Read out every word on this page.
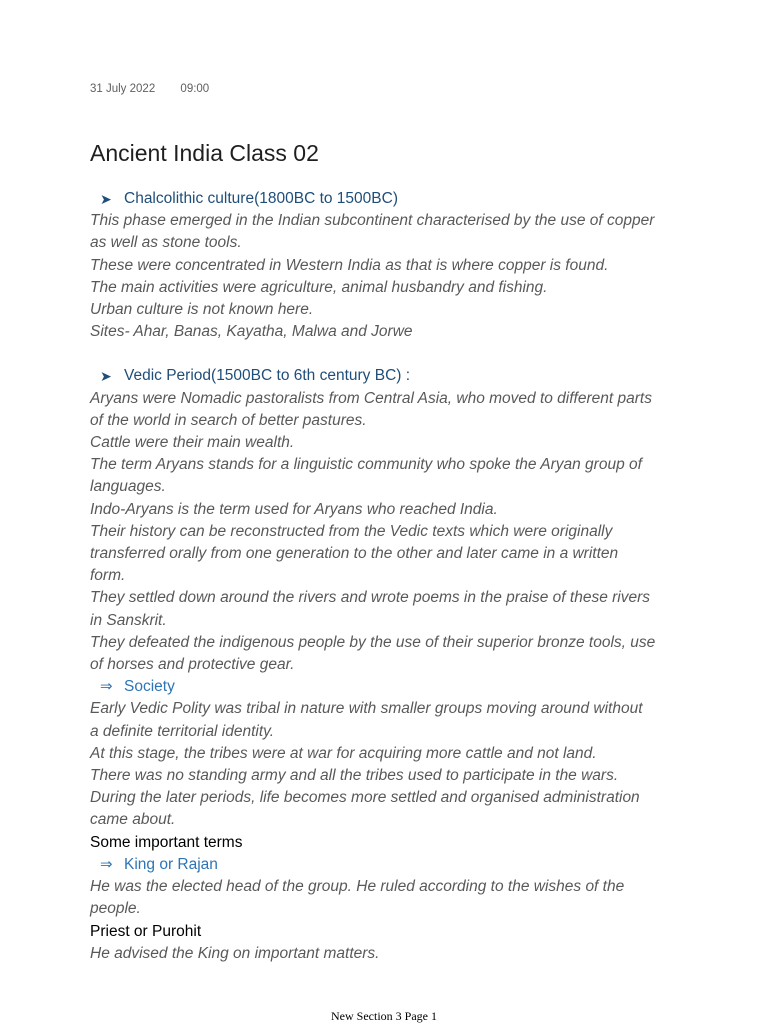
31 July 2022 09:00
Ancient India Class 02
➤ Chalcolithic culture(1800BC to 1500BC)
This phase emerged in the Indian subcontinent characterised by the use of copper
as well as stone tools.
These were concentrated in Western India as that is where copper is found.
The main activities were agriculture, animal husbandry and fishing.
Urban culture is not known here.
Sites- Ahar, Banas, Kayatha, Malwa and Jorwe
➤ Vedic Period(1500BC to 6th century BC) :
Aryans were Nomadic pastoralists from Central Asia, who moved to different parts
of the world in search of better pastures.
Cattle were their main wealth.
The term Aryans stands for a linguistic community who spoke the Aryan group of
languages.
Indo-Aryans is the term used for Aryans who reached India.
Their history can be reconstructed from the Vedic texts which were originally
transferred orally from one generation to the other and later came in a written
form.
They settled down around the rivers and wrote poems in the praise of these rivers
in Sanskrit.
They defeated the indigenous people by the use of their superior bronze tools, use
of horses and protective gear.
⇒ Society
Early Vedic Polity was tribal in nature with smaller groups moving around without
a definite territorial identity.
At this stage, the tribes were at war for acquiring more cattle and not land.
There was no standing army and all the tribes used to participate in the wars.
During the later periods, life becomes more settled and organised administration
came about.
Some important terms
⇒ King or Rajan
He was the elected head of the group. He ruled according to the wishes of the
people.
Priest or Purohit
He advised the King on important matters.
New Section 3 Page 1
